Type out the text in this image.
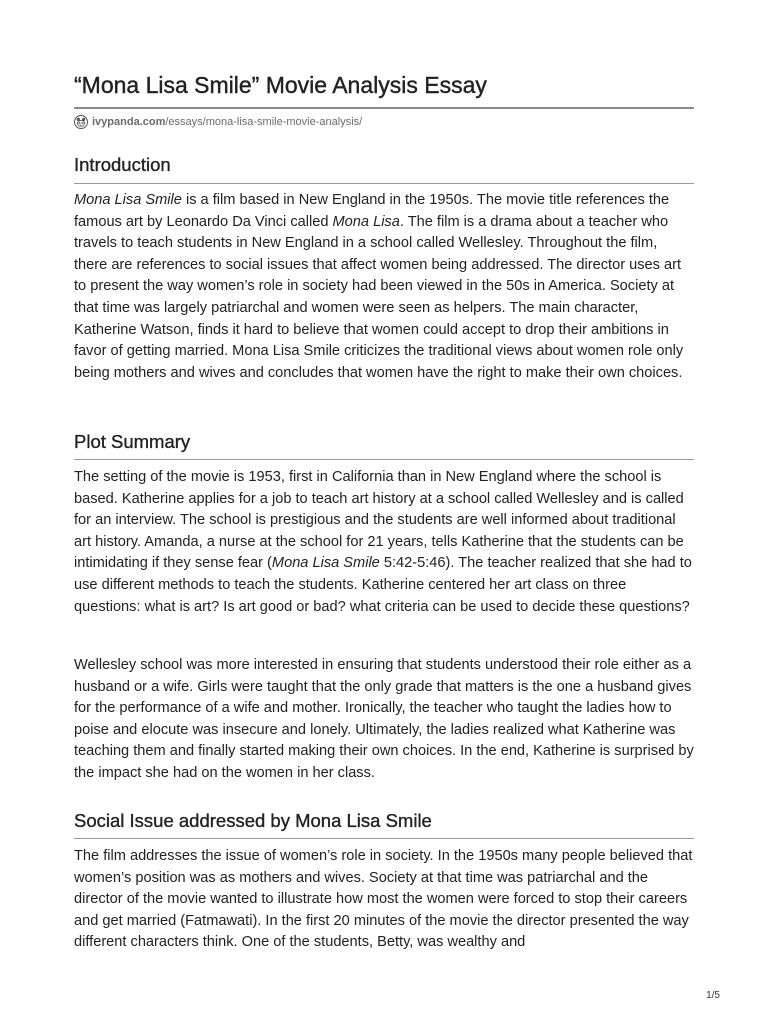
“Mona Lisa Smile” Movie Analysis Essay
ivypanda.com /essays/mona-lisa-smile-movie-analysis/
Introduction

Mona Lisa Smile is a film based in New England in the 1950s. The movie title references the famous art by Leonardo Da Vinci called Mona Lisa. The film is a drama about a teacher who travels to teach students in New England in a school called Wellesley. Throughout the film, there are references to social issues that affect women being addressed. The director uses art to present the way women’s role in society had been viewed in the 50s in America. Society at that time was largely patriarchal and women were seen as helpers. The main character, Katherine Watson, finds it hard to believe that women could accept to drop their ambitions in favor of getting married. Mona Lisa Smile criticizes the traditional views about women role only being mothers and wives and concludes that women have the right to make their own choices.

Plot Summary

The setting of the movie is 1953, first in California than in New England where the school is based. Katherine applies for a job to teach art history at a school called Wellesley and is called for an interview. The school is prestigious and the students are well informed about traditional art history. Amanda, a nurse at the school for 21 years, tells Katherine that the students can be intimidating if they sense fear (Mona Lisa Smile 5:42-5:46). The teacher realized that she had to use different methods to teach the students. Katherine centered her art class on three questions: what is art? Is art good or bad? what criteria can be used to decide these questions?

Wellesley school was more interested in ensuring that students understood their role either as a husband or a wife. Girls were taught that the only grade that matters is the one a husband gives for the performance of a wife and mother. Ironically, the teacher who taught the ladies how to poise and elocute was insecure and lonely. Ultimately, the ladies realized what Katherine was teaching them and finally started making their own choices. In the end, Katherine is surprised by the impact she had on the women in her class.

Social Issue addressed by Mona Lisa Smile

The film addresses the issue of women’s role in society. In the 1950s many people believed that women’s position was as mothers and wives. Society at that time was patriarchal and the director of the movie wanted to illustrate how most the women were forced to stop their careers and get married (Fatmawati). In the first 20 minutes of the movie the director presented the way different characters think. One of the students, Betty, was wealthy and

1/5
